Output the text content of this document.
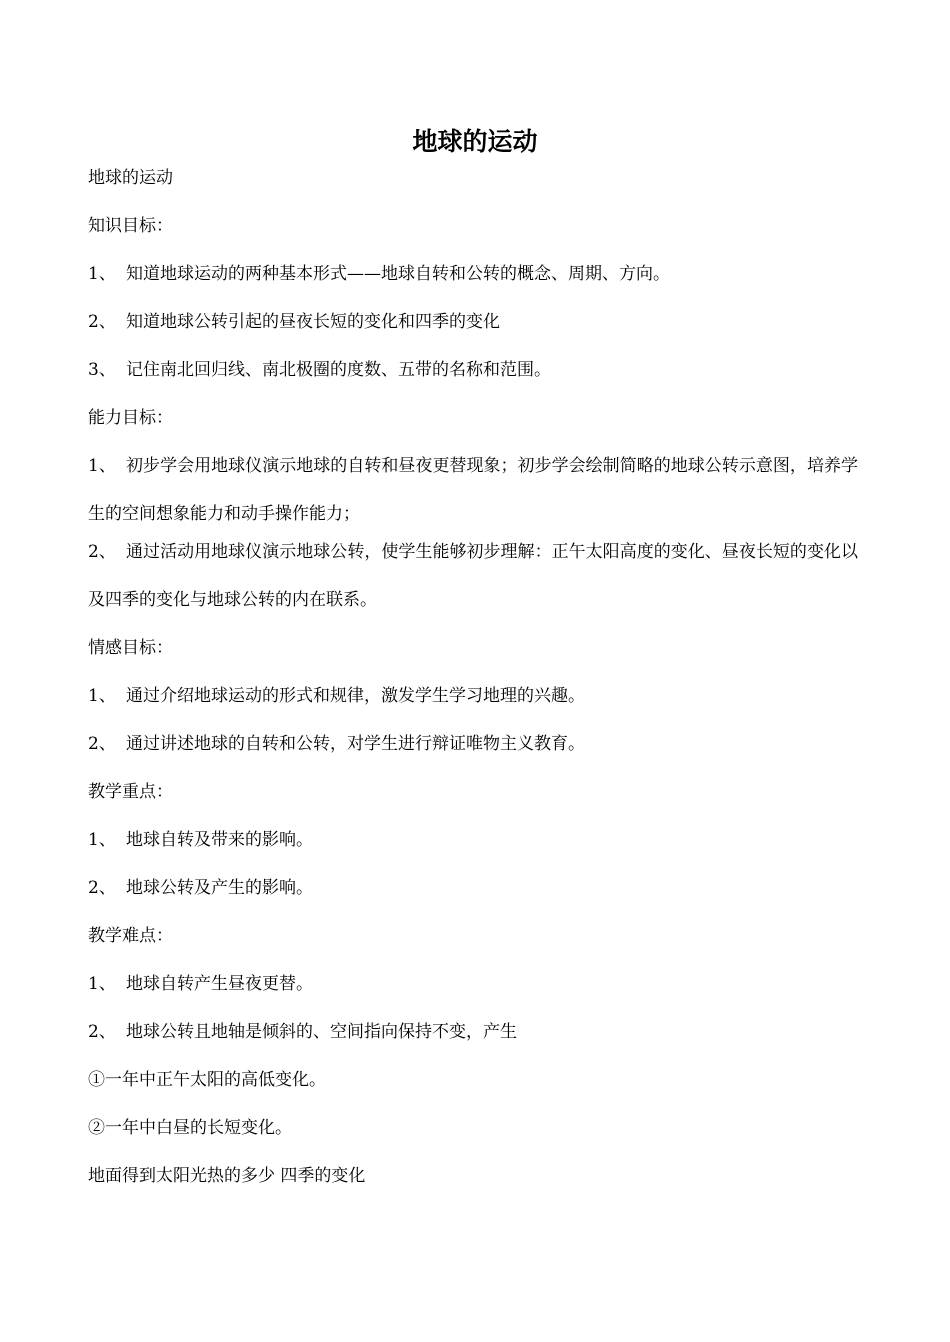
地球的运动
地球的运动
知识目标：
1、 知道地球运动的两种基本形式——地球自转和公转的概念、周期、方向。
2、 知道地球公转引起的昼夜长短的变化和四季的变化
3、 记住南北回归线、南北极圈的度数、五带的名称和范围。
能力目标：
1、 初步学会用地球仪演示地球的自转和昼夜更替现象；初步学会绘制简略的地球公转示意图，培养学生的空间想象能力和动手操作能力；
2、 通过活动用地球仪演示地球公转，使学生能够初步理解：正午太阳高度的变化、昼夜长短的变化以及四季的变化与地球公转的内在联系。
情感目标：
1、 通过介绍地球运动的形式和规律，激发学生学习地理的兴趣。
2、 通过讲述地球的自转和公转，对学生进行辩证唯物主义教育。
教学重点：
1、 地球自转及带来的影响。
2、 地球公转及产生的影响。
教学难点：
1、 地球自转产生昼夜更替。
2、 地球公转且地轴是倾斜的、空间指向保持不变，产生
①一年中正午太阳的高低变化。
②一年中白昼的长短变化。
地面得到太阳光热的多少 四季的变化
